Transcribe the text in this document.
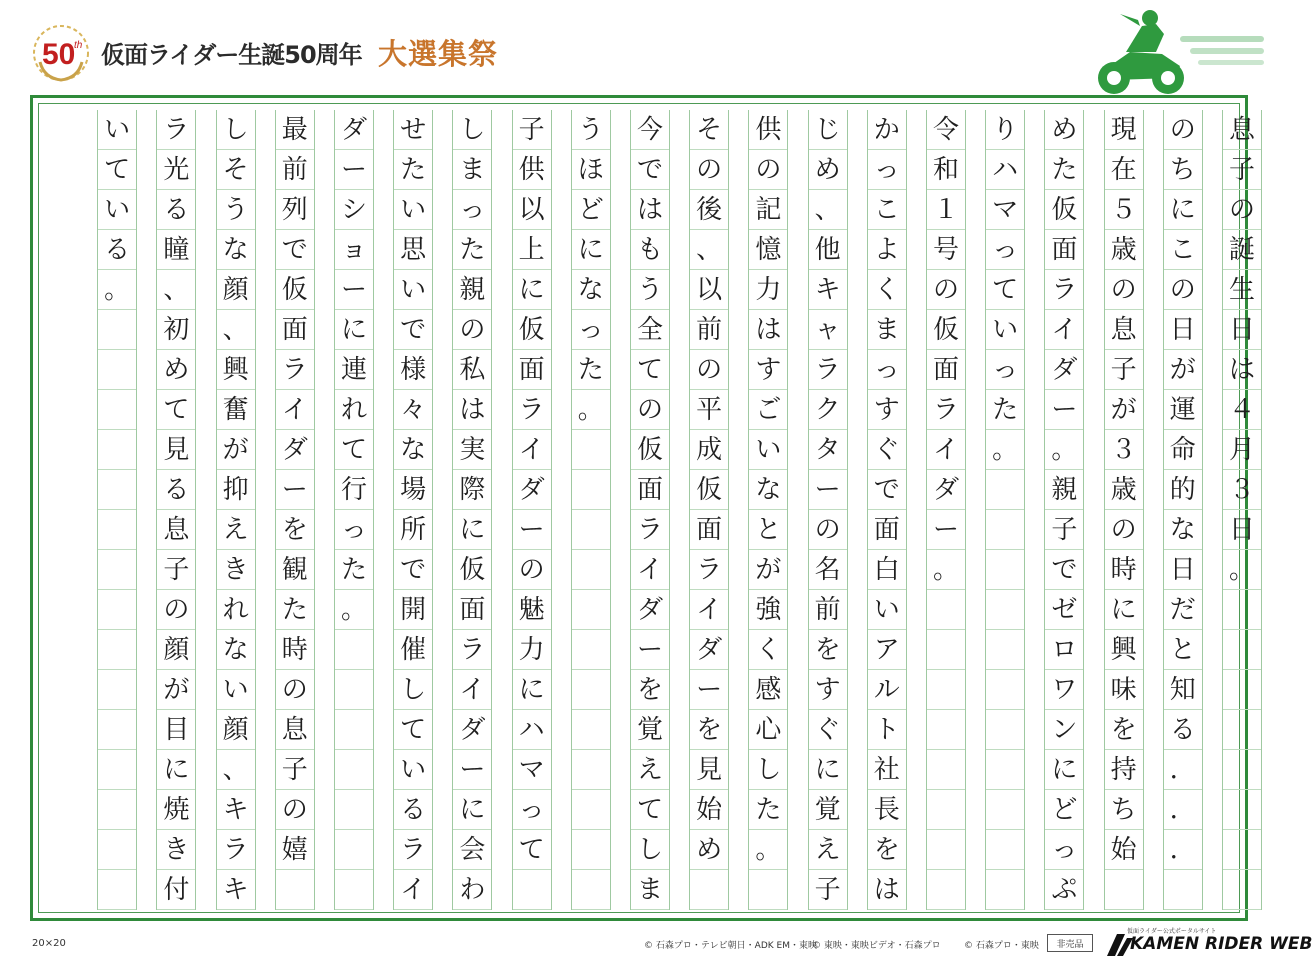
50
th 仮面ライダー生誕50周年 大選集祭
息
子
の
誕
生
日
は
４
月
３
日
。
の
ち
に
こ
の
日
が
運
命
的
な
日
だ
と
知
る
．
．
．
現
在
５
歳
の
息
子
が
３
歳
の
時
に
興
味
を
持
ち
始
め
た
仮
面
ラ
イ
ダ
ー
。
親
子
で
ゼ
ロ
ワ
ン
に
ど
っ
ぷ
り
ハ
マ
っ
て
い
っ
た
。
令
和
１
号
の
仮
面
ラ
イ
ダ
ー
。
か
っ
こ
よ
く
ま
っ
す
ぐ
で
面
白
い
ア
ル
ト
社
長
を
は
じ
め
、
他
キ
ャ
ラ
ク
タ
ー
の
名
前
を
す
ぐ
に
覚
え
子
供
の
記
憶
力
は
す
ご
い
な
と
が
強
く
感
心
し
た
。
そ
の
後
、
以
前
の
平
成
仮
面
ラ
イ
ダ
ー
を
見
始
め
今
で
は
も
う
全
て
の
仮
面
ラ
イ
ダ
ー
を
覚
え
て
し
ま
う
ほ
ど
に
な
っ
た
。
子
供
以
上
に
仮
面
ラ
イ
ダ
ー
の
魅
力
に
ハ
マ
っ
て
し
ま
っ
た
親
の
私
は
実
際
に
仮
面
ラ
イ
ダ
ー
に
会
わ
せ
た
い
思
い
で
様
々
な
場
所
で
開
催
し
て
い
る
ラ
イ
ダ
ー
シ
ョ
ー
に
連
れ
て
行
っ
た
。
最
前
列
で
仮
面
ラ
イ
ダ
ー
を
観
た
時
の
息
子
の
嬉
し
そ
う
な
顔
、
興
奮
が
抑
え
き
れ
な
い
顔
、
キ
ラ
キ
ラ
光
る
瞳
、
初
め
て
見
る
息
子
の
顔
が
目
に
焼
き
付
い
て
い
る
。
20×20	© 石森プロ・テレビ朝日・ADK EM・東映
© 東映・東映ビデオ・石森プロ	© 石森プロ・東映	非売品
仮面ライダー公式ポータルサイト
KAMEN RIDER WEB
